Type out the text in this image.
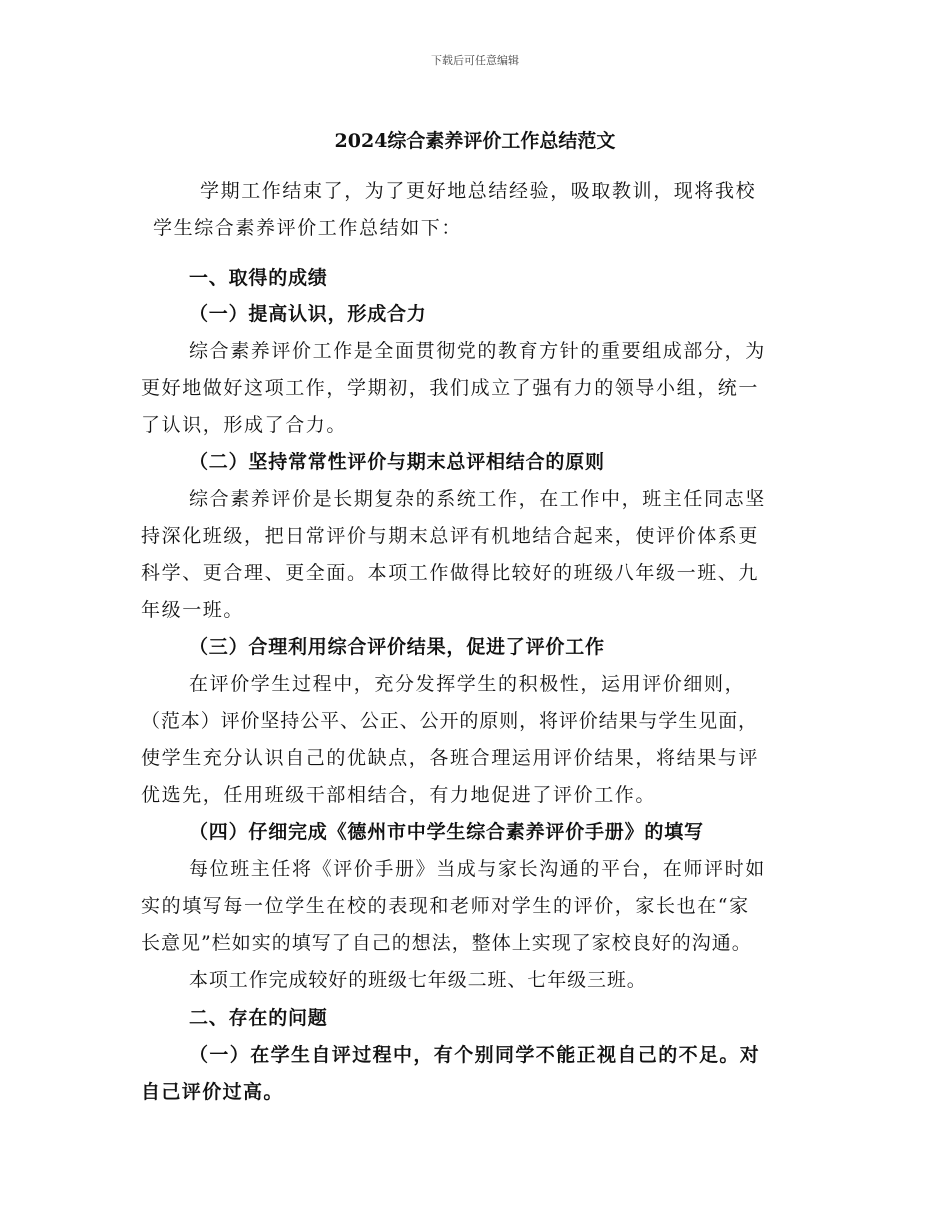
下载后可任意编辑
2024综合素养评价工作总结范文
学期工作结束了，为了更好地总结经验，吸取教训，现将我校
学生综合素养评价工作总结如下：
一、取得的成绩
（一）提高认识，形成合力
综合素养评价工作是全面贯彻党的教育方针的重要组成部分，为
更好地做好这项工作，学期初，我们成立了强有力的领导小组，统一
了认识，形成了合力。
（二）坚持常常性评价与期末总评相结合的原则
综合素养评价是长期复杂的系统工作，在工作中，班主任同志坚
持深化班级，把日常评价与期末总评有机地结合起来，使评价体系更
科学、更合理、更全面。本项工作做得比较好的班级八年级一班、九
年级一班。
（三）合理利用综合评价结果，促进了评价工作
在评价学生过程中，充分发挥学生的积极性，运用评价细则，
（范本）评价坚持公平、公正、公开的原则，将评价结果与学生见面，
使学生充分认识自己的优缺点，各班合理运用评价结果，将结果与评
优选先，任用班级干部相结合，有力地促进了评价工作。
（四）仔细完成《德州市中学生综合素养评价手册》的填写
每位班主任将《评价手册》当成与家长沟通的平台，在师评时如
实的填写每一位学生在校的表现和老师对学生的评价，家长也在“家
长意见”栏如实的填写了自己的想法，整体上实现了家校良好的沟通。
本项工作完成较好的班级七年级二班、七年级三班。
二、存在的问题
（一）在学生自评过程中，有个别同学不能正视自己的不足。对
自己评价过高。
